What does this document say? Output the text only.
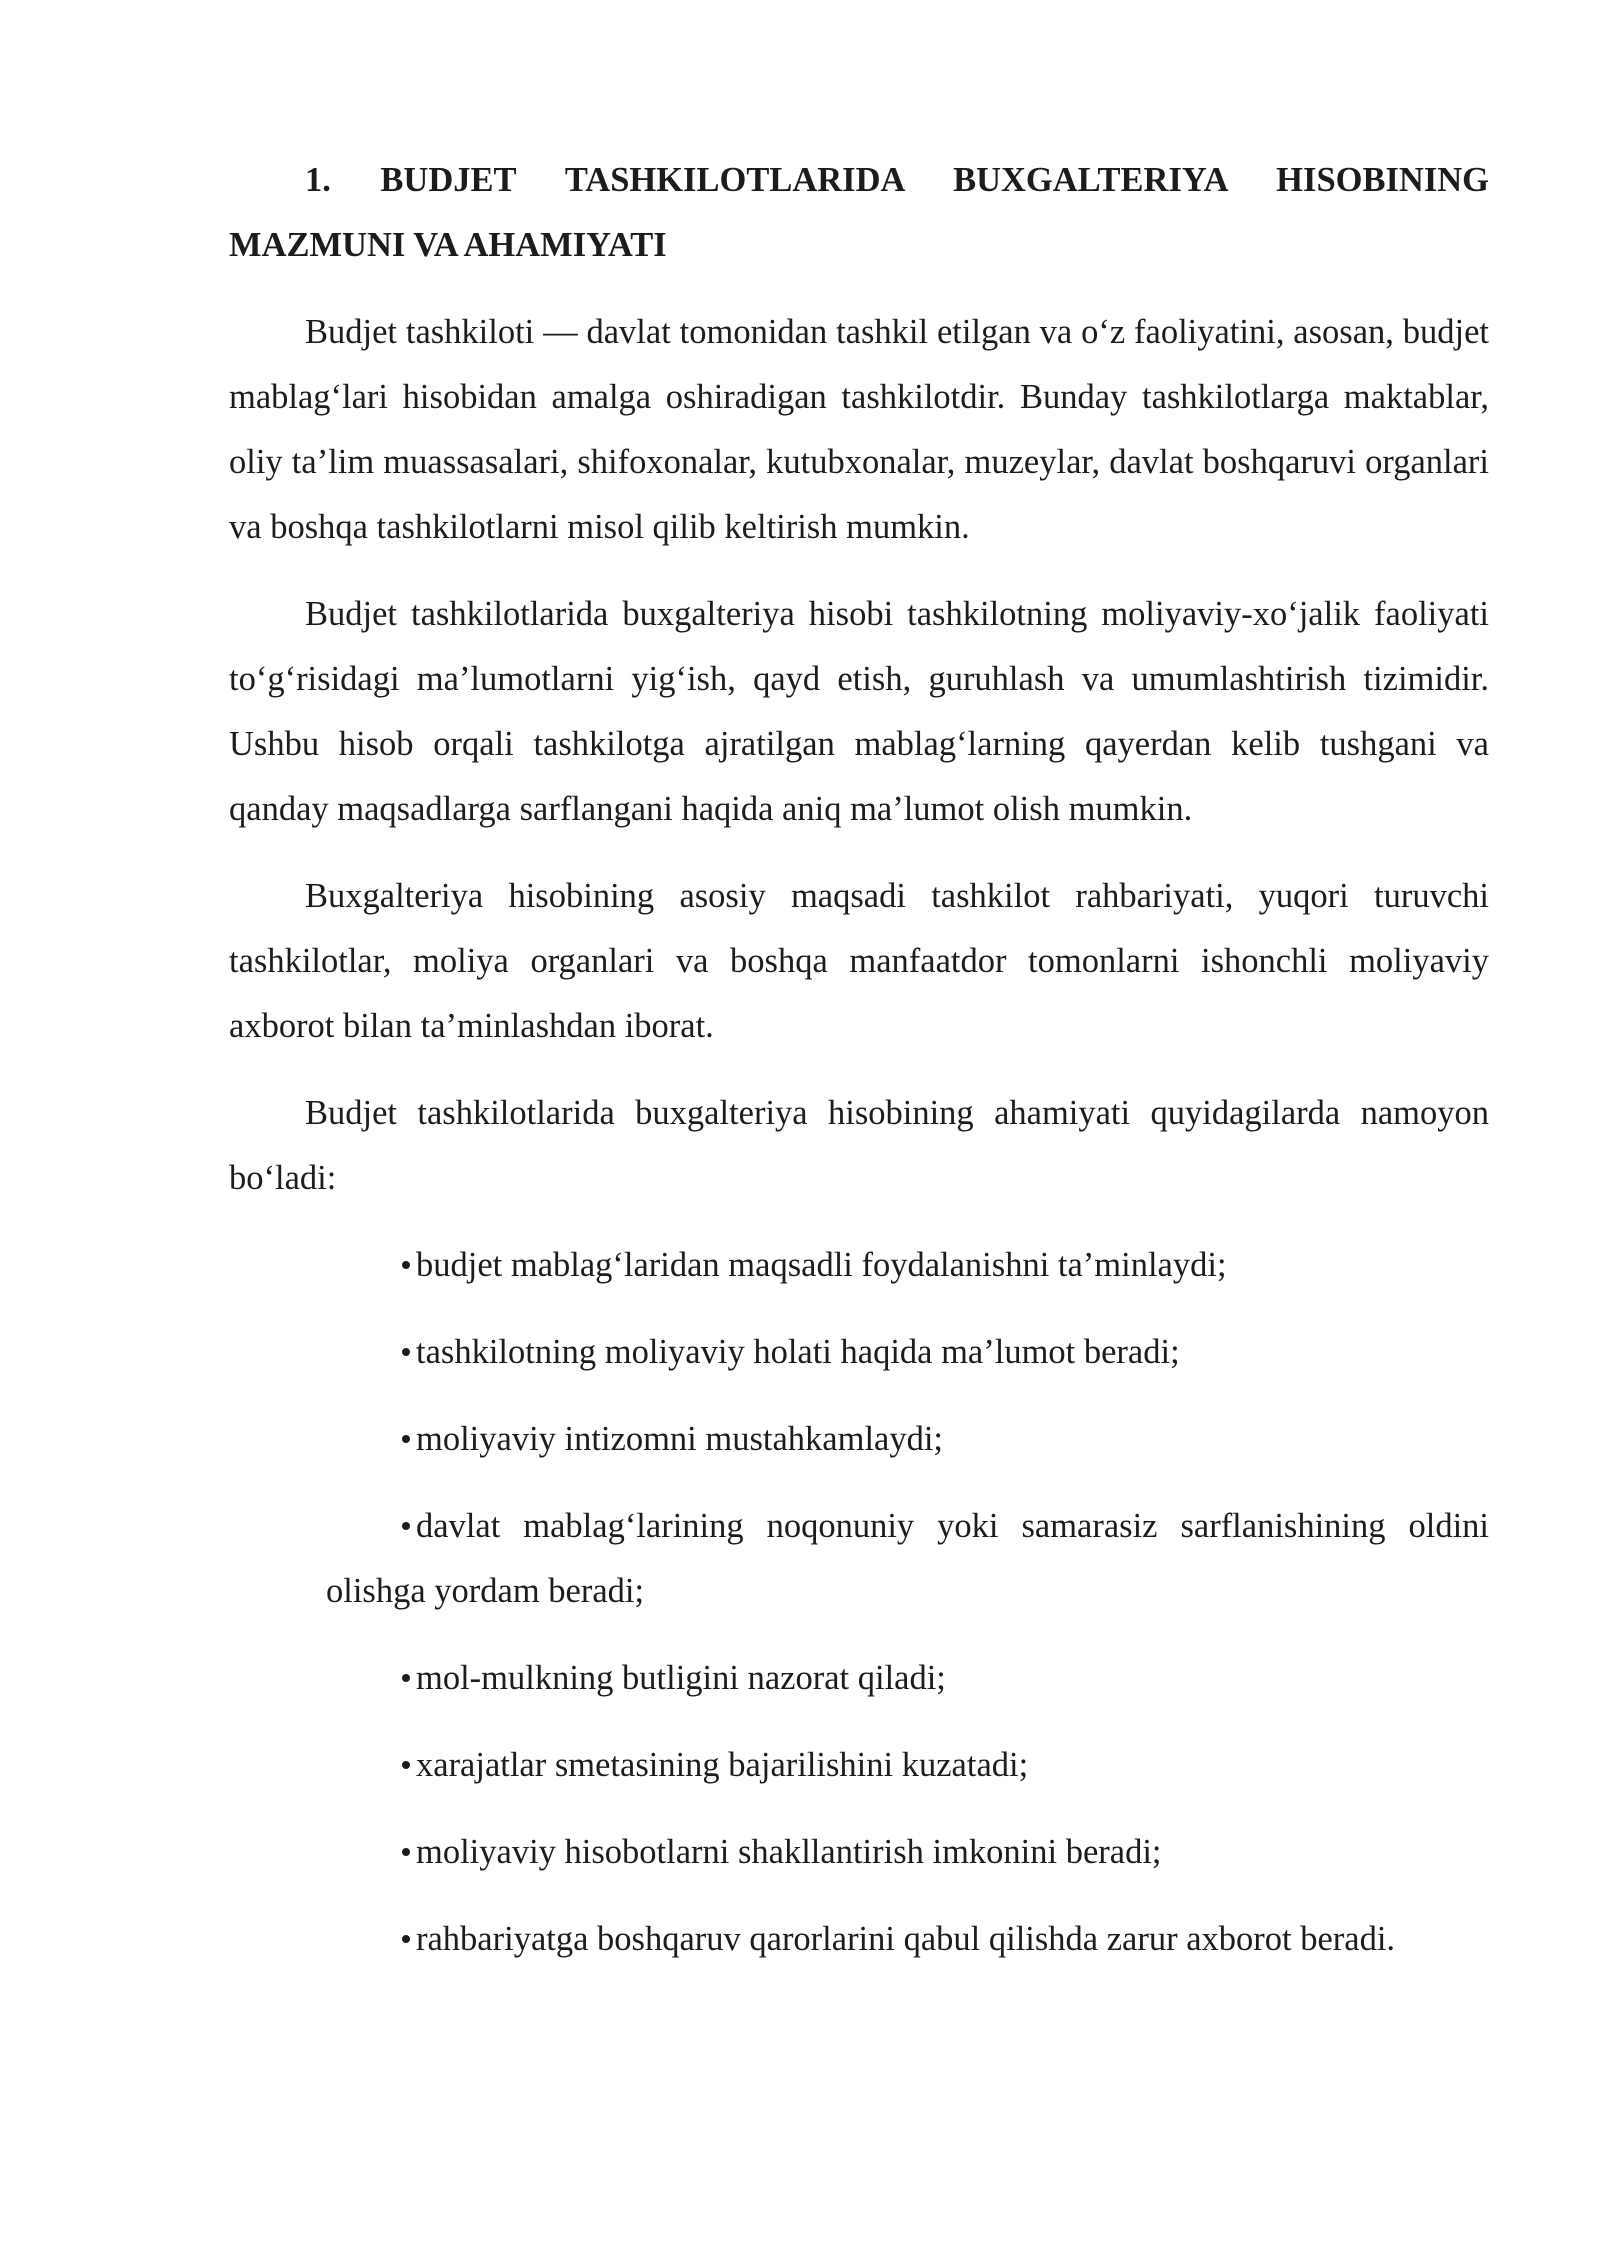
1. BUDJET TASHKILOTLARIDA BUXGALTERIYA HISOBINING MAZMUNI VA AHAMIYATI

Budjet tashkiloti — davlat tomonidan tashkil etilgan va o‘z faoliyatini, asosan, budjet mablag‘lari hisobidan amalga oshiradigan tashkilotdir. Bunday tashkilotlarga maktablar, oliy ta’lim muassasalari, shifoxonalar, kutubxonalar, muzeylar, davlat boshqaruvi organlari va boshqa tashkilotlarni misol qilib keltirish mumkin.

Budjet tashkilotlarida buxgalteriya hisobi tashkilotning moliyaviy-xo‘jalik faoliyati to‘g‘risidagi ma’lumotlarni yig‘ish, qayd etish, guruhlash va umumlashtirish tizimidir. Ushbu hisob orqali tashkilotga ajratilgan mablag‘larning qayerdan kelib tushgani va qanday maqsadlarga sarflangani haqida aniq ma’lumot olish mumkin.

Buxgalteriya hisobining asosiy maqsadi tashkilot rahbariyati, yuqori turuvchi tashkilotlar, moliya organlari va boshqa manfaatdor tomonlarni ishonchli moliyaviy axborot bilan ta’minlashdan iborat.

Budjet tashkilotlarida buxgalteriya hisobining ahamiyati quyidagilarda namoyon bo‘ladi:

budjet mablag‘laridan maqsadli foydalanishni ta’minlaydi;
tashkilotning moliyaviy holati haqida ma’lumot beradi;
moliyaviy intizomni mustahkamlaydi;
davlat mablag‘larining noqonuniy yoki samarasiz sarflanishining oldini olishga yordam beradi;
mol-mulkning butligini nazorat qiladi;
xarajatlar smetasining bajarilishini kuzatadi;
moliyaviy hisobotlarni shakllantirish imkonini beradi;
rahbariyatga boshqaruv qarorlarini qabul qilishda zarur axborot beradi.
